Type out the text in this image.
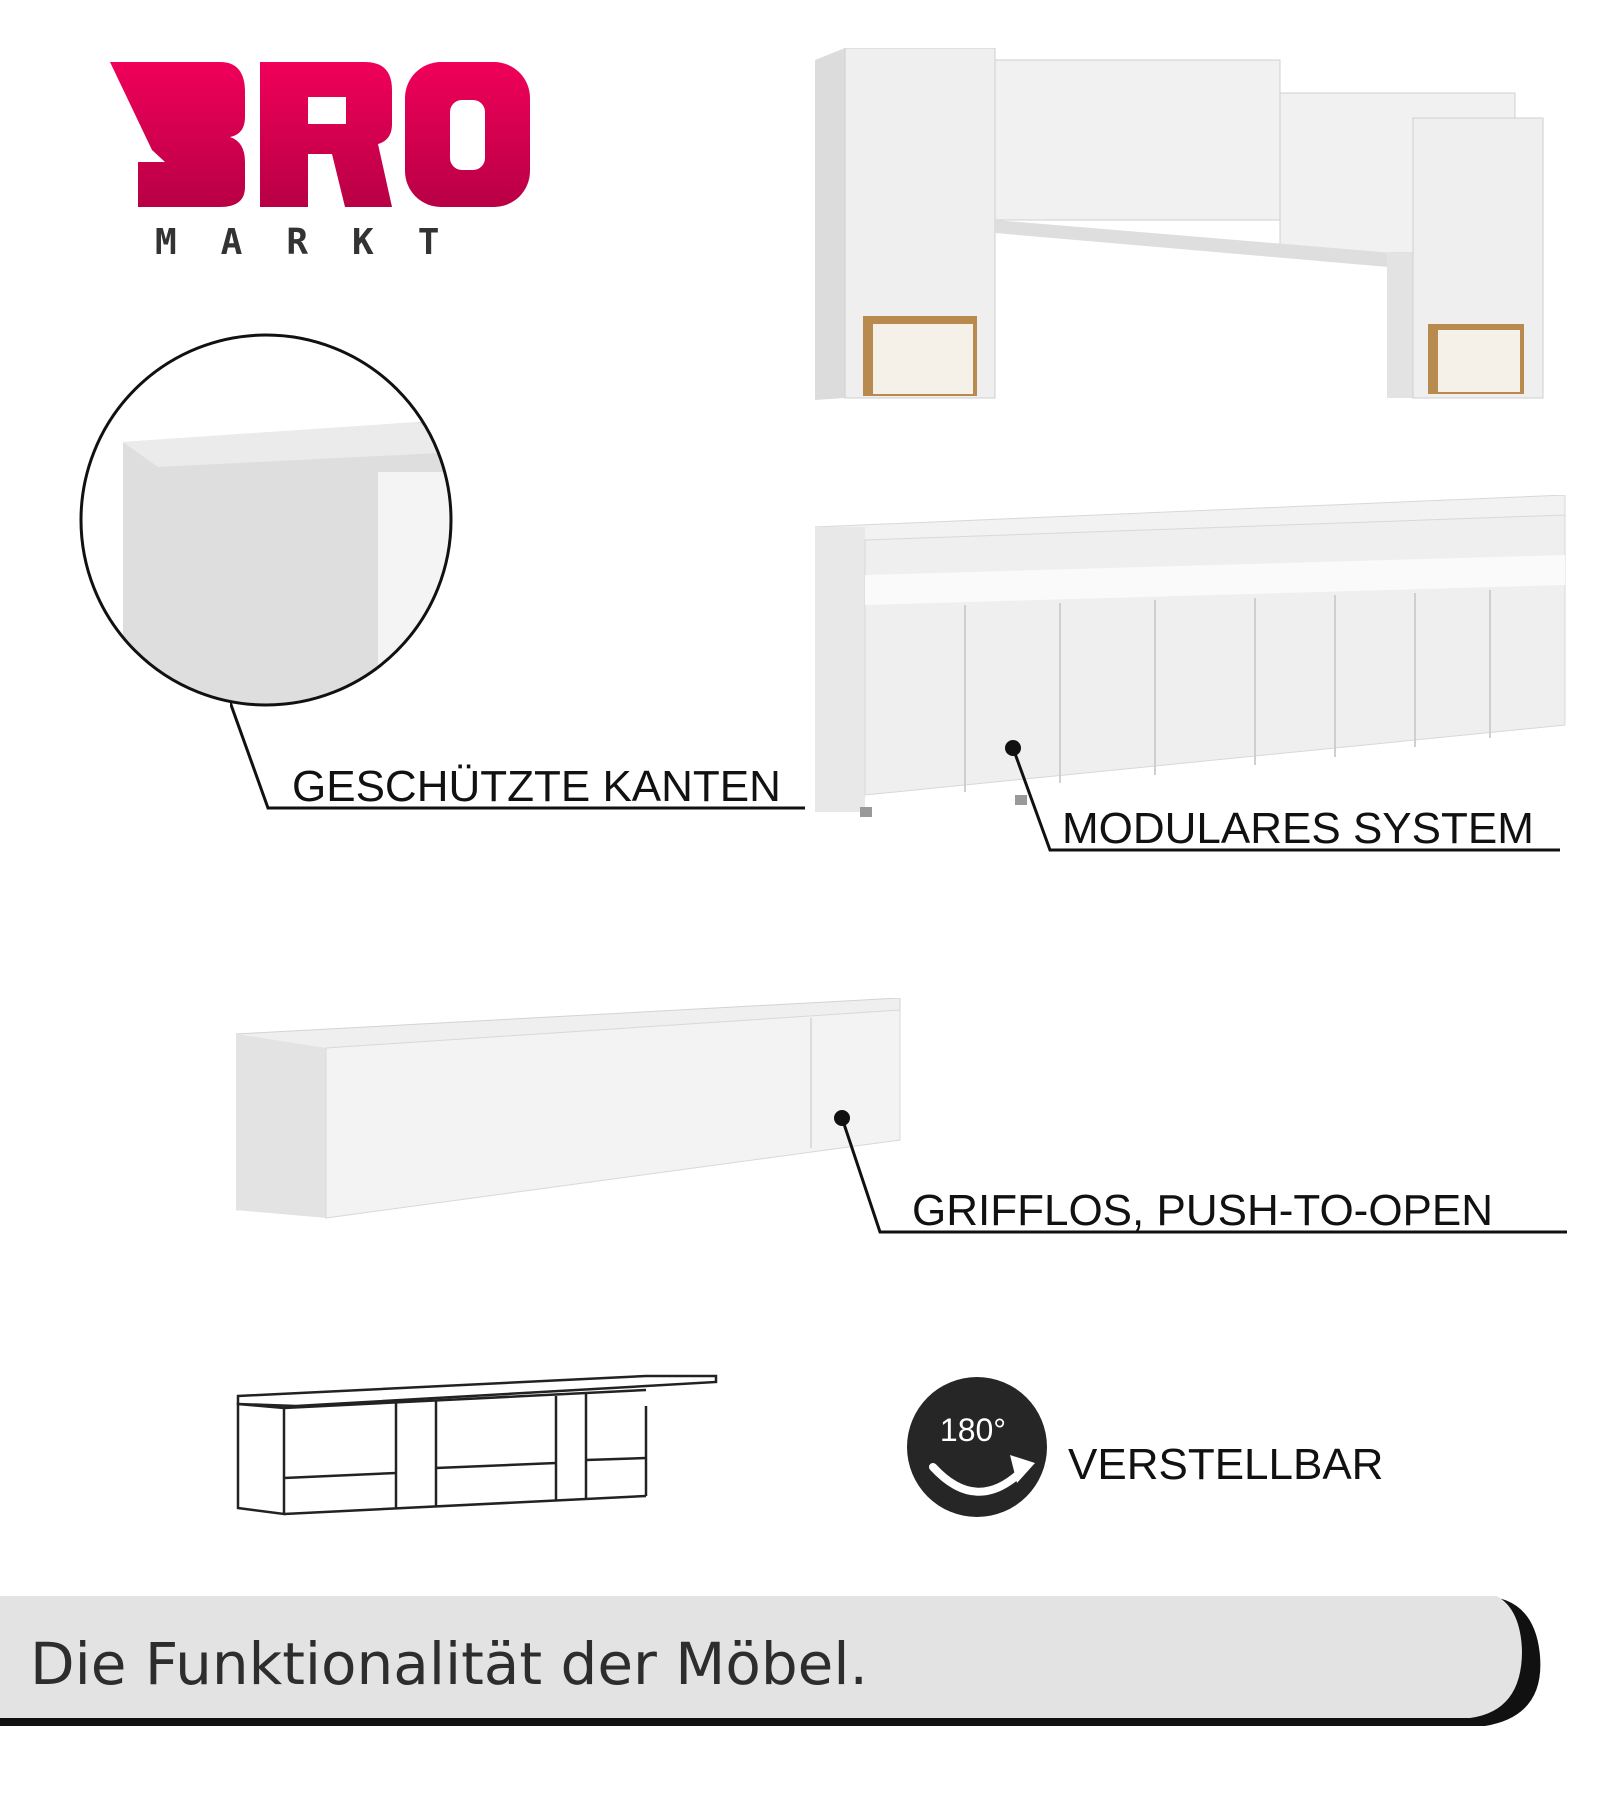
MARKT
GESCHÜTZTE KANTEN
MODULARES SYSTEM
GRIFFLOS, PUSH-TO-OPEN
180°
VERSTELLBAR
Die Funktionalität der Möbel.
